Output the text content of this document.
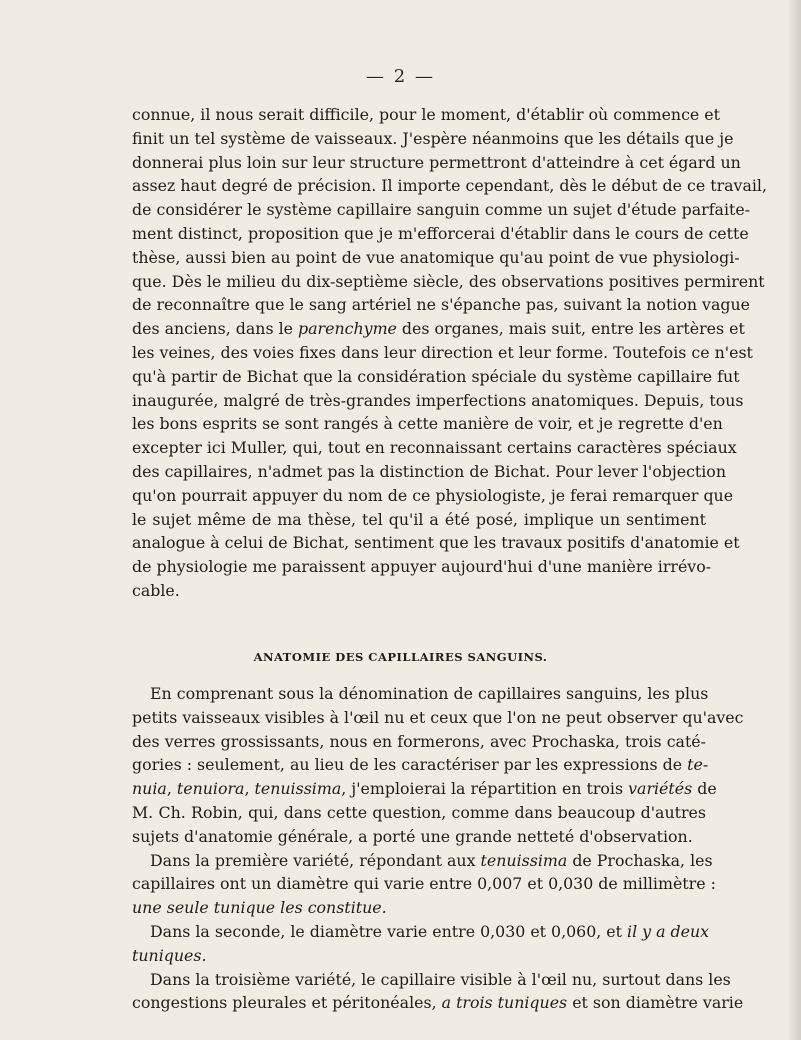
— 2 —
connue, il nous serait difficile, pour le moment, d'établir où commence et
finit un tel système de vaisseaux. J'espère néanmoins que les détails que je
donnerai plus loin sur leur structure permettront d'atteindre à cet égard un
assez haut degré de précision. Il importe cependant, dès le début de ce travail,
de considérer le système capillaire sanguin comme un sujet d'étude parfaite-
ment distinct, proposition que je m'efforcerai d'établir dans le cours de cette
thèse, aussi bien au point de vue anatomique qu'au point de vue physiologi-
que. Dès le milieu du dix-septième siècle, des observations positives permirent
de reconnaître que le sang artériel ne s'épanche pas, suivant la notion vague
des anciens, dans le parenchyme des organes, mais suit, entre les artères et
les veines, des voies fixes dans leur direction et leur forme. Toutefois ce n'est
qu'à partir de Bichat que la considération spéciale du système capillaire fut
inaugurée, malgré de très-grandes imperfections anatomiques. Depuis, tous
les bons esprits se sont rangés à cette manière de voir, et je regrette d'en
excepter ici Muller, qui, tout en reconnaissant certains caractères spéciaux
des capillaires, n'admet pas la distinction de Bichat. Pour lever l'objection
qu'on pourrait appuyer du nom de ce physiologiste, je ferai remarquer que
le sujet même de ma thèse, tel qu'il a été posé, implique un sentiment
analogue à celui de Bichat, sentiment que les travaux positifs d'anatomie et
de physiologie me paraissent appuyer aujourd'hui d'une manière irrévo-
cable.
ANATOMIE DES CAPILLAIRES SANGUINS.
En comprenant sous la dénomination de capillaires sanguins, les plus
petits vaisseaux visibles à l'œil nu et ceux que l'on ne peut observer qu'avec
des verres grossissants, nous en formerons, avec Prochaska, trois caté-
gories : seulement, au lieu de les caractériser par les expressions de te-
nuia, tenuiora, tenuissima, j'emploierai la répartition en trois variétés de
M. Ch. Robin, qui, dans cette question, comme dans beaucoup d'autres
sujets d'anatomie générale, a porté une grande netteté d'observation.
Dans la première variété, répondant aux tenuissima de Prochaska, les
capillaires ont un diamètre qui varie entre 0,007 et 0,030 de millimètre :
une seule tunique les constitue.
Dans la seconde, le diamètre varie entre 0,030 et 0,060, et il y a deux
tuniques.
Dans la troisième variété, le capillaire visible à l'œil nu, surtout dans les
congestions pleurales et péritonéales, a trois tuniques et son diamètre varie
